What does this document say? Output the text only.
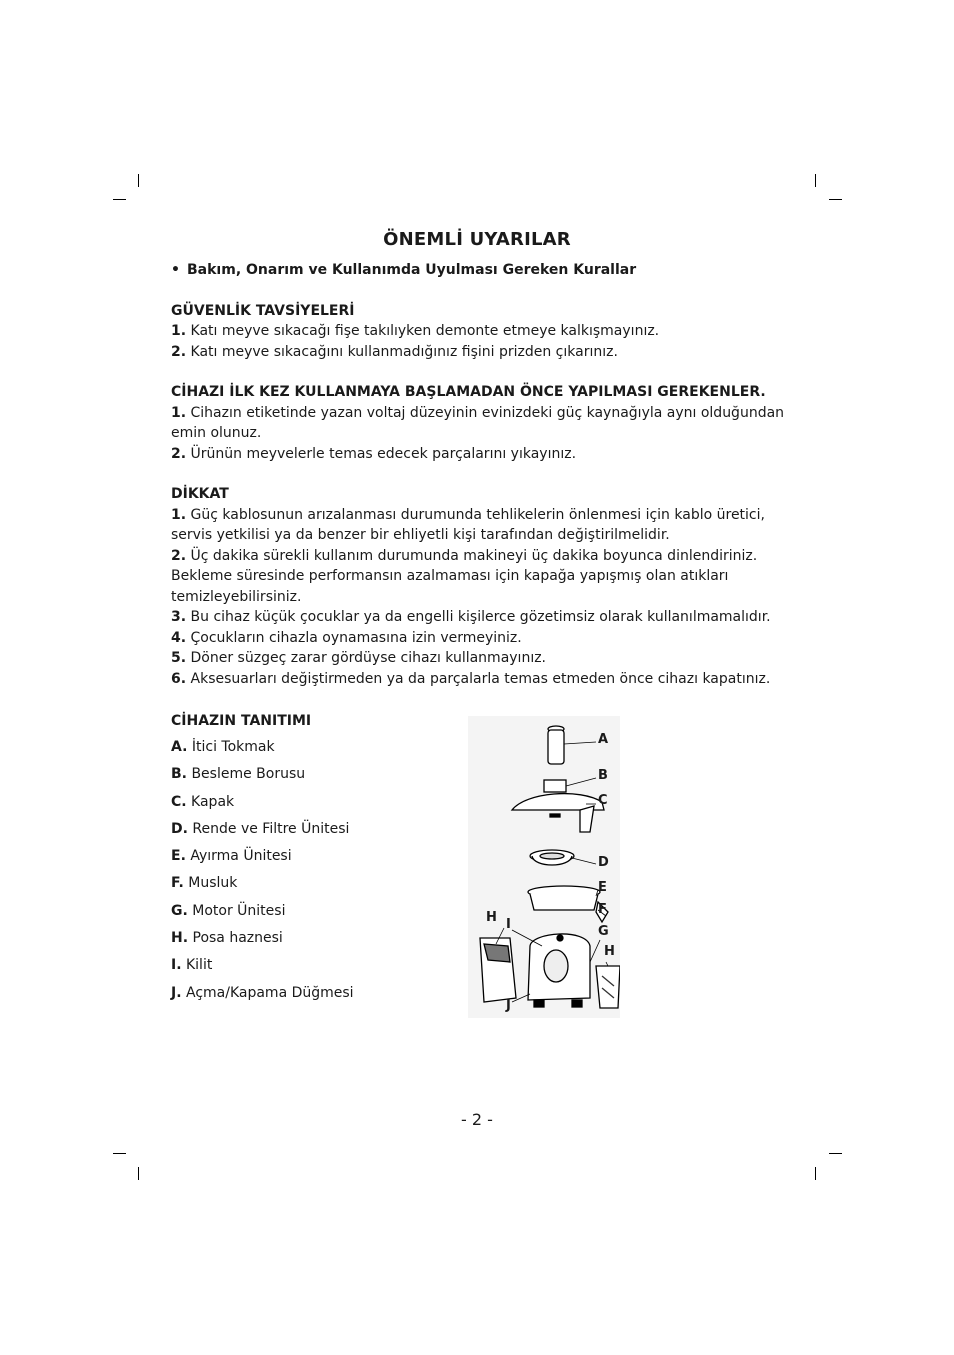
ÖNEMLİ UYARILAR
• Bakım, Onarım ve Kullanımda Uyulması Gereken Kurallar
GÜVENLİK TAVSİYELERİ
1. Katı meyve sıkacağı fişe takılıyken demonte etmeye kalkışmayınız.
2. Katı meyve sıkacağını kullanmadığınız fişini prizden çıkarınız.
CİHAZI İLK KEZ KULLANMAYA BAŞLAMADAN ÖNCE YAPILMASI GEREKENLER.
1. Cihazın etiketinde yazan voltaj düzeyinin evinizdeki güç kaynağıyla aynı olduğundan emin olunuz.
2. Ürünün meyvelerle temas edecek parçalarını yıkayınız.
DİKKAT
1. Güç kablosunun arızalanması durumunda tehlikelerin önlenmesi için kablo üretici, servis yetkilisi ya da benzer bir ehliyetli kişi tarafından değiştirilmelidir.
2. Üç dakika sürekli kullanım durumunda makineyi üç dakika boyunca dinlendiriniz. Bekleme süresinde performansın azalmaması için kapağa yapışmış olan atıkları temizleyebilirsiniz.
3. Bu cihaz küçük çocuklar ya da engelli kişilerce gözetimsiz olarak kullanılmamalıdır.
4. Çocukların cihazla oynamasına izin vermeyiniz.
5. Döner süzgeç zarar gördüyse cihazı kullanmayınız.
6. Aksesuarları değiştirmeden ya da parçalarla temas etmeden önce cihazı kapatınız.
CİHAZIN TANITIMI
A. İtici Tokmak
B. Besleme Borusu
C. Kapak
D. Rende ve Filtre Ünitesi
E. Ayırma Ünitesi
F. Musluk
G. Motor Ünitesi
H. Posa haznesi
I. Kilit
J. Açma/Kapama Düğmesi
A
B
C
D
E
F
G
H
H
I
J
- 2 -
